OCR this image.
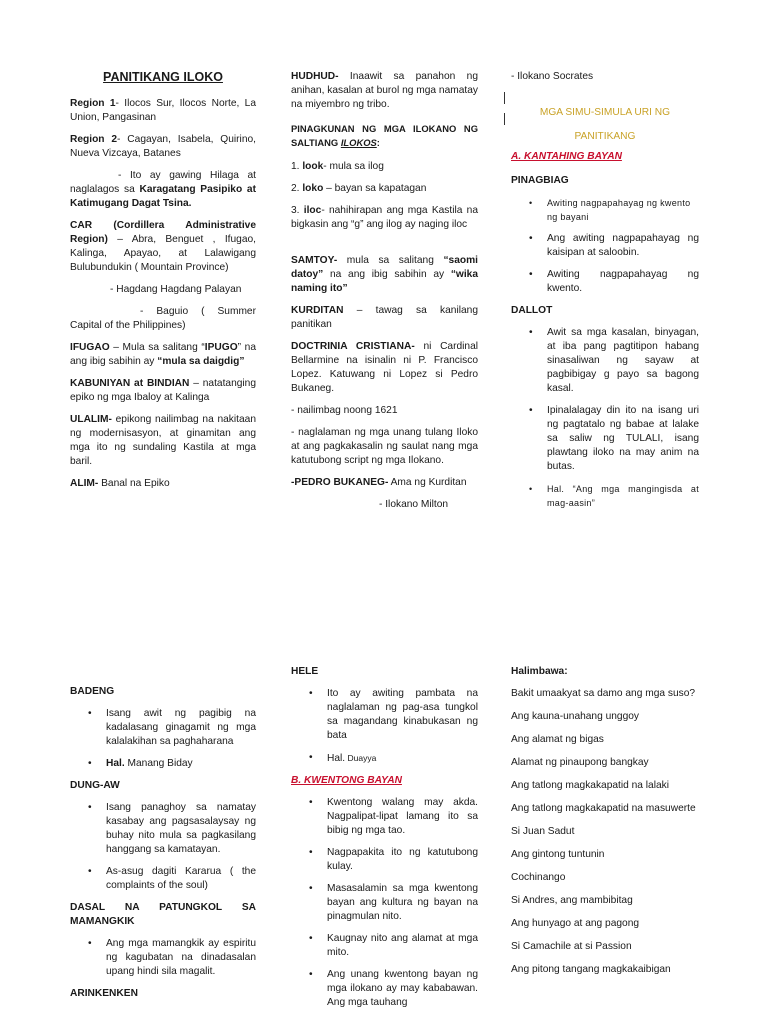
PANITIKANG ILOKO

Region 1- Ilocos Sur, Ilocos Norte, La Union, Pangasinan

Region 2- Cagayan, Isabela, Quirino, Nueva Vizcaya, Batanes

- Ito ay gawing Hilaga at naglalagos sa Karagatang Pasipiko at Katimugang Dagat Tsina.

CAR (Cordillera Administrative Region) – Abra, Benguet , Ifugao, Kalinga, Apayao, at Lalawigang Bulubundukin ( Mountain Province)

- Hagdang Hagdang Palayan

- Baguio ( Summer Capital of the Philippines)

IFUGAO – Mula sa salitang “IPUGO” na ang ibig sabihin ay “mula sa daigdig”

KABUNIYAN at BINDIAN – natatanging epiko ng mga Ibaloy at Kalinga

ULALIM- epikong nailimbag na nakitaan ng modernisasyon, at ginamitan ang mga ito ng sundaling Kastila at mga baril.

ALIM- Banal na Epiko

HUDHUD- Inaawit sa panahon ng anihan, kasalan at burol ng mga namatay na miyembro ng tribo.

PINAGKUNAN NG MGA ILOKANO NG SALTIANG ILOKOS:

1. look- mula sa ilog

2. loko – bayan sa kapatagan

3. iloc- nahihirapan ang mga Kastila na bigkasin ang “g” ang ilog ay naging iloc

SAMTOY- mula sa salitang “saomi datoy” na ang ibig sabihin ay “wika naming ito”

KURDITAN – tawag sa kanilang panitikan

DOCTRINIA CRISTIANA- ni Cardinal Bellarmine na isinalin ni P. Francisco Lopez. Katuwang ni Lopez si Pedro Bukaneg.

- nailimbag noong 1621

- naglalaman ng mga unang tulang Iloko at ang pagkakasalin ng saulat nang mga katutubong script ng mga Ilokano.

-PEDRO BUKANEG- Ama ng Kurditan

- Ilokano Milton

- Ilokano Socrates

MGA SIMU-SIMULA URI NG

PANITIKANG

A. KANTAHING BAYAN

PINAGBIAG

• Awiting nagpapahayag ng kwento ng bayani
• Ang awiting nagpapahayag ng kaisipan at saloobin.
• Awiting nagpapahayag ng kwento.

DALLOT

• Awit sa mga kasalan, binyagan, at iba pang pagtitipon habang sinasaliwan ng sayaw at pagbibigay g payo sa bagong kasal.
• Ipinalalagay din ito na isang uri ng pagtatalo ng babae at lalake sa saliw ng TULALI, isang plawtang iloko na may anim na butas.
• Hal. “Ang mga mangingisda at mag-aasin”

BADENG

• Isang awit ng pagibig na kadalasang ginagamit ng mga kalalakihan sa paghaharana
• Hal. Manang Biday

DUNG-AW

• Isang panaghoy sa namatay kasabay ang pagsasalaysay ng buhay nito mula sa pagkasilang hanggang sa kamatayan.
• As-asug dagiti Kararua ( the complaints of the soul)

DASAL NA PATUNGKOL SA MAMANGKIK

• Ang mga mamangkik ay espiritu ng kagubatan na dinadasalan upang hindi sila magalit.

ARINKENKEN

HELE

• Ito ay awiting pambata na naglalaman ng pag-asa tungkol sa magandang kinabukasan ng bata
• Hal. Duayya

B. KWENTONG BAYAN

• Kwentong walang may akda. Nagpalipat-lipat lamang ito sa bibig ng mga tao.
• Nagpapakita ito ng katutubong kulay.
• Masasalamin sa mga kwentong bayan ang kultura ng bayan na pinagmulan nito.
• Kaugnay nito ang alamat at mga mito.
• Ang unang kwentong bayan ng mga ilokano ay may kababawan. Ang mga tauhang

Halimbawa:

Bakit umaakyat sa damo ang mga suso?

Ang kauna-unahang unggoy

Ang alamat ng bigas

Alamat ng pinaupong bangkay

Ang tatlong magkakapatid na lalaki

Ang tatlong magkakapatid na masuwerte

Si Juan Sadut

Ang gintong tuntunin

Cochinango

Si Andres, ang mambibitag

Ang hunyago at ang pagong

Si Camachile at si Passion

Ang pitong tangang magkakaibigan
